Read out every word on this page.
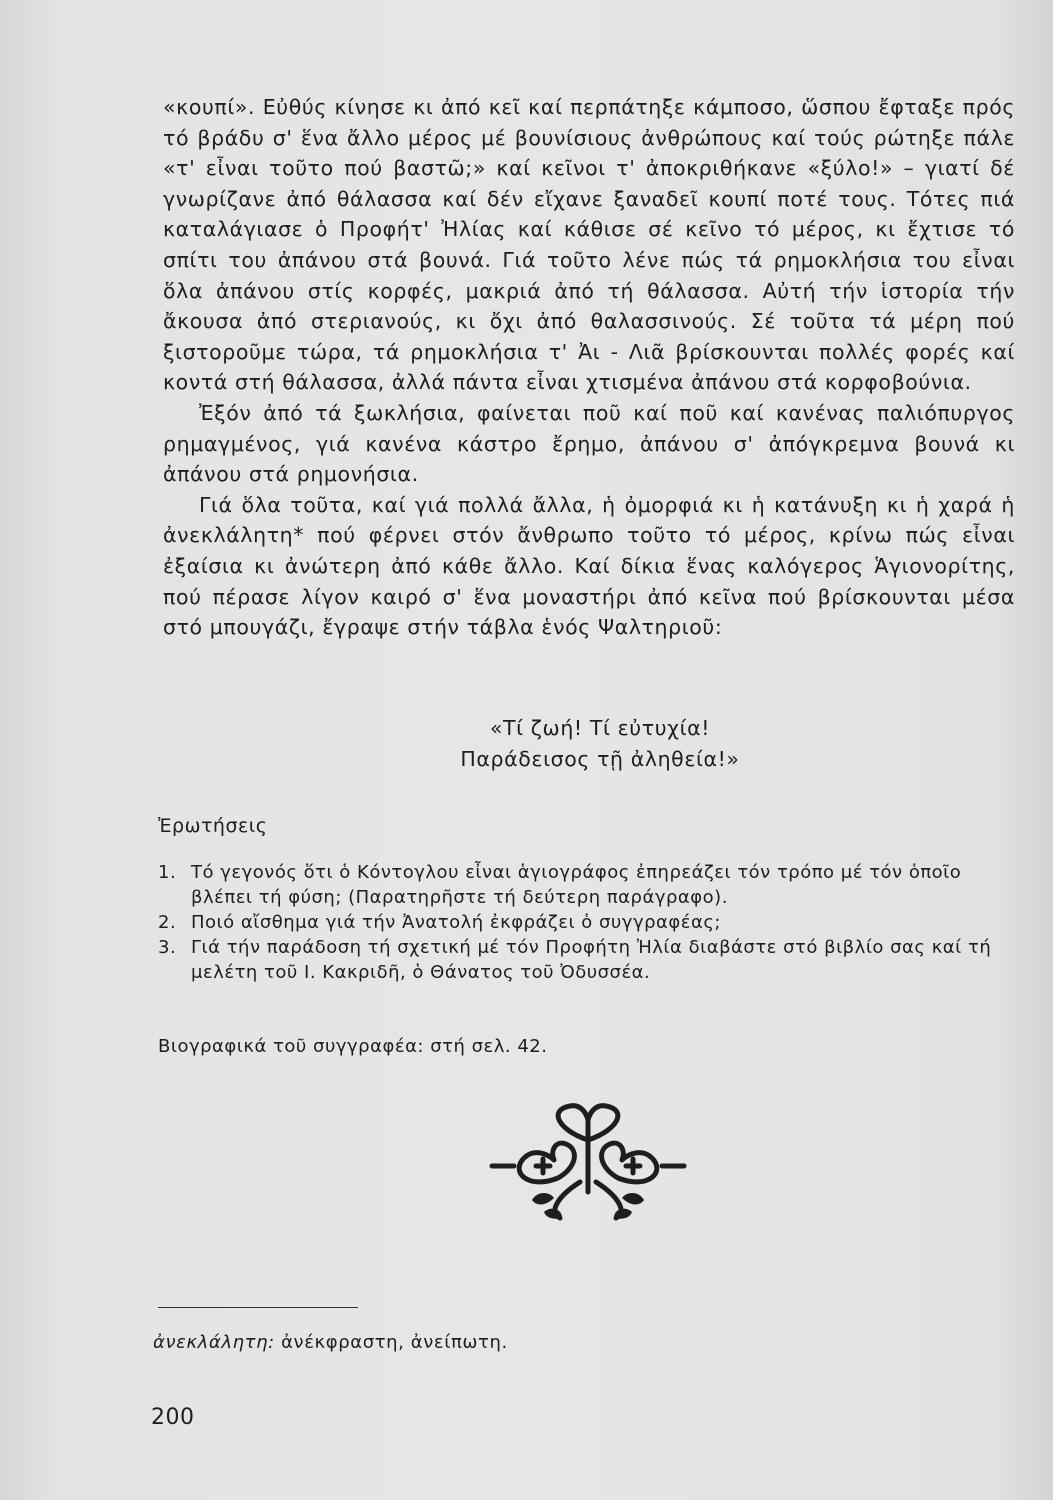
«κουπί». Εὐθύς κίνησε κι ἀπό κεῖ καί περπάτηξε κάμποσο, ὥσπου ἔφταξε πρός τό βράδυ σ' ἕνα ἄλλο μέρος μέ βουνίσιους ἀνθρώπους καί τούς ρώτηξε πάλε «τ' εἶναι τοῦτο πού βαστῶ;» καί κεῖνοι τ' ἀποκριθήκανε «ξύλο!» – γιατί δέ γνωρίζανε ἀπό θάλασσα καί δέν εἴχανε ξαναδεῖ κουπί ποτέ τους. Τότες πιά καταλάγιασε ὁ Προφήτ' Ἠλίας καί κάθισε σέ κεῖνο τό μέρος, κι ἔχτισε τό σπίτι του ἀπάνου στά βουνά. Γιά τοῦτο λένε πώς τά ρημοκλήσια του εἶναι ὅλα ἀπάνου στίς κορφές, μακριά ἀπό τή θάλασσα. Αὐτή τήν ἱστορία τήν ἄκουσα ἀπό στεριανούς, κι ὄχι ἀπό θαλασσινούς. Σέ τοῦτα τά μέρη πού ξιστοροῦμε τώρα, τά ρημοκλήσια τ' Ἀι - Λιᾶ βρίσκουνται πολλές φορές καί κοντά στή θάλασσα, ἀλλά πάντα εἶναι χτισμένα ἀπάνου στά κορφοβούνια.

Ἐξόν ἀπό τά ξωκλήσια, φαίνεται ποῦ καί ποῦ καί κανένας παλιόπυργος ρημαγμένος, γιά κανένα κάστρο ἔρημο, ἀπάνου σ' ἀπόγκρεμνα βουνά κι ἀπάνου στά ρημονήσια.

Γιά ὅλα τοῦτα, καί γιά πολλά ἄλλα, ἡ ὀμορφιά κι ἡ κατάνυξη κι ἡ χαρά ἡ ἀνεκλάλητη* πού φέρνει στόν ἄνθρωπο τοῦτο τό μέρος, κρίνω πώς εἶναι ἐξαίσια κι ἀνώτερη ἀπό κάθε ἄλλο. Καί δίκια ἕνας καλόγερος Ἁγιονορίτης, πού πέρασε λίγον καιρό σ' ἕνα μοναστήρι ἀπό κεῖνα πού βρίσκουνται μέσα στό μπουγάζι, ἔγραψε στήν τάβλα ἑνός Ψαλτηριοῦ:

«Τί ζωή! Τί εὐτυχία!
Παράδεισος τῇ ἀληθεία!»
Ἐρωτήσεις
1. Τό γεγονός ὅτι ὁ Κόντογλου εἶναι ἁγιογράφος ἐπηρεάζει τόν τρόπο μέ τόν ὁποῖο βλέπει τή φύση; (Παρατηρῆστε τή δεύτερη παράγραφο).
2. Ποιό αἴσθημα γιά τήν Ἀνατολή ἐκφράζει ὁ συγγραφέας;
3. Γιά τήν παράδοση τή σχετική μέ τόν Προφήτη Ἠλία διαβάστε στό βιβλίο σας καί τή μελέτη τοῦ Ι. Κακριδῆ, ὁ Θάνατος τοῦ Ὀδυσσέα.
Βιογραφικά τοῦ συγγραφέα: στή σελ. 42.
ἀνεκλάλητη: ἀνέκφραστη, ἀνείπωτη.
200
